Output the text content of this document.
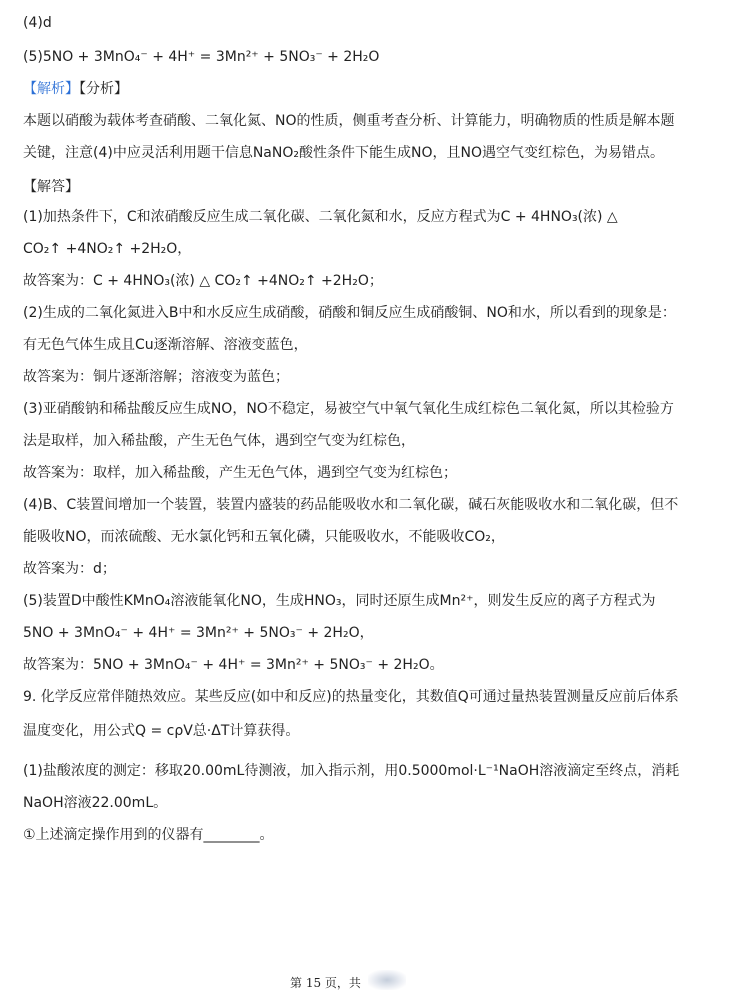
(4)d
(5)5NO + 3MnO₄⁻ + 4H⁺ = 3Mn²⁺ + 5NO₃⁻ + 2H₂O
【解析】【分析】
本题以硝酸为载体考查硝酸、二氧化氮、NO的性质，侧重考查分析、计算能力，明确物质的性质是解本题
关键，注意(4)中应灵活利用题干信息NaNO₂酸性条件下能生成NO，且NO遇空气变红棕色，为易错点。
【解答】
(1)加热条件下，C和浓硝酸反应生成二氧化碳、二氧化氮和水，反应方程式为C + 4HNO₃(浓) △
CO₂↑ +4NO₂↑ +2H₂O，
故答案为：C + 4HNO₃(浓) △ CO₂↑ +4NO₂↑ +2H₂O；
(2)生成的二氧化氮进入B中和水反应生成硝酸，硝酸和铜反应生成硝酸铜、NO和水，所以看到的现象是：
有无色气体生成且Cu逐渐溶解、溶液变蓝色，
故答案为：铜片逐渐溶解；溶液变为蓝色；
(3)亚硝酸钠和稀盐酸反应生成NO，NO不稳定，易被空气中氧气氧化生成红棕色二氧化氮，所以其检验方
法是取样，加入稀盐酸，产生无色气体，遇到空气变为红棕色，
故答案为：取样，加入稀盐酸，产生无色气体，遇到空气变为红棕色；
(4)B、C装置间增加一个装置，装置内盛装的药品能吸收水和二氧化碳，碱石灰能吸收水和二氧化碳，但不
能吸收NO，而浓硫酸、无水氯化钙和五氧化磷，只能吸收水，不能吸收CO₂，
故答案为：d；
(5)装置D中酸性KMnO₄溶液能氧化NO，生成HNO₃，同时还原生成Mn²⁺，则发生反应的离子方程式为
5NO + 3MnO₄⁻ + 4H⁺ = 3Mn²⁺ + 5NO₃⁻ + 2H₂O，
故答案为：5NO + 3MnO₄⁻ + 4H⁺ = 3Mn²⁺ + 5NO₃⁻ + 2H₂O。
9. 化学反应常伴随热效应。某些反应(如中和反应)的热量变化，其数值Q可通过量热装置测量反应前后体系
温度变化，用公式Q = cρV总·ΔT计算获得。
(1)盐酸浓度的测定：移取20.00mL待测液，加入指示剂，用0.5000mol·L⁻¹NaOH溶液滴定至终点，消耗
NaOH溶液22.00mL。
①上述滴定操作用到的仪器有________。
第 15 页，共
